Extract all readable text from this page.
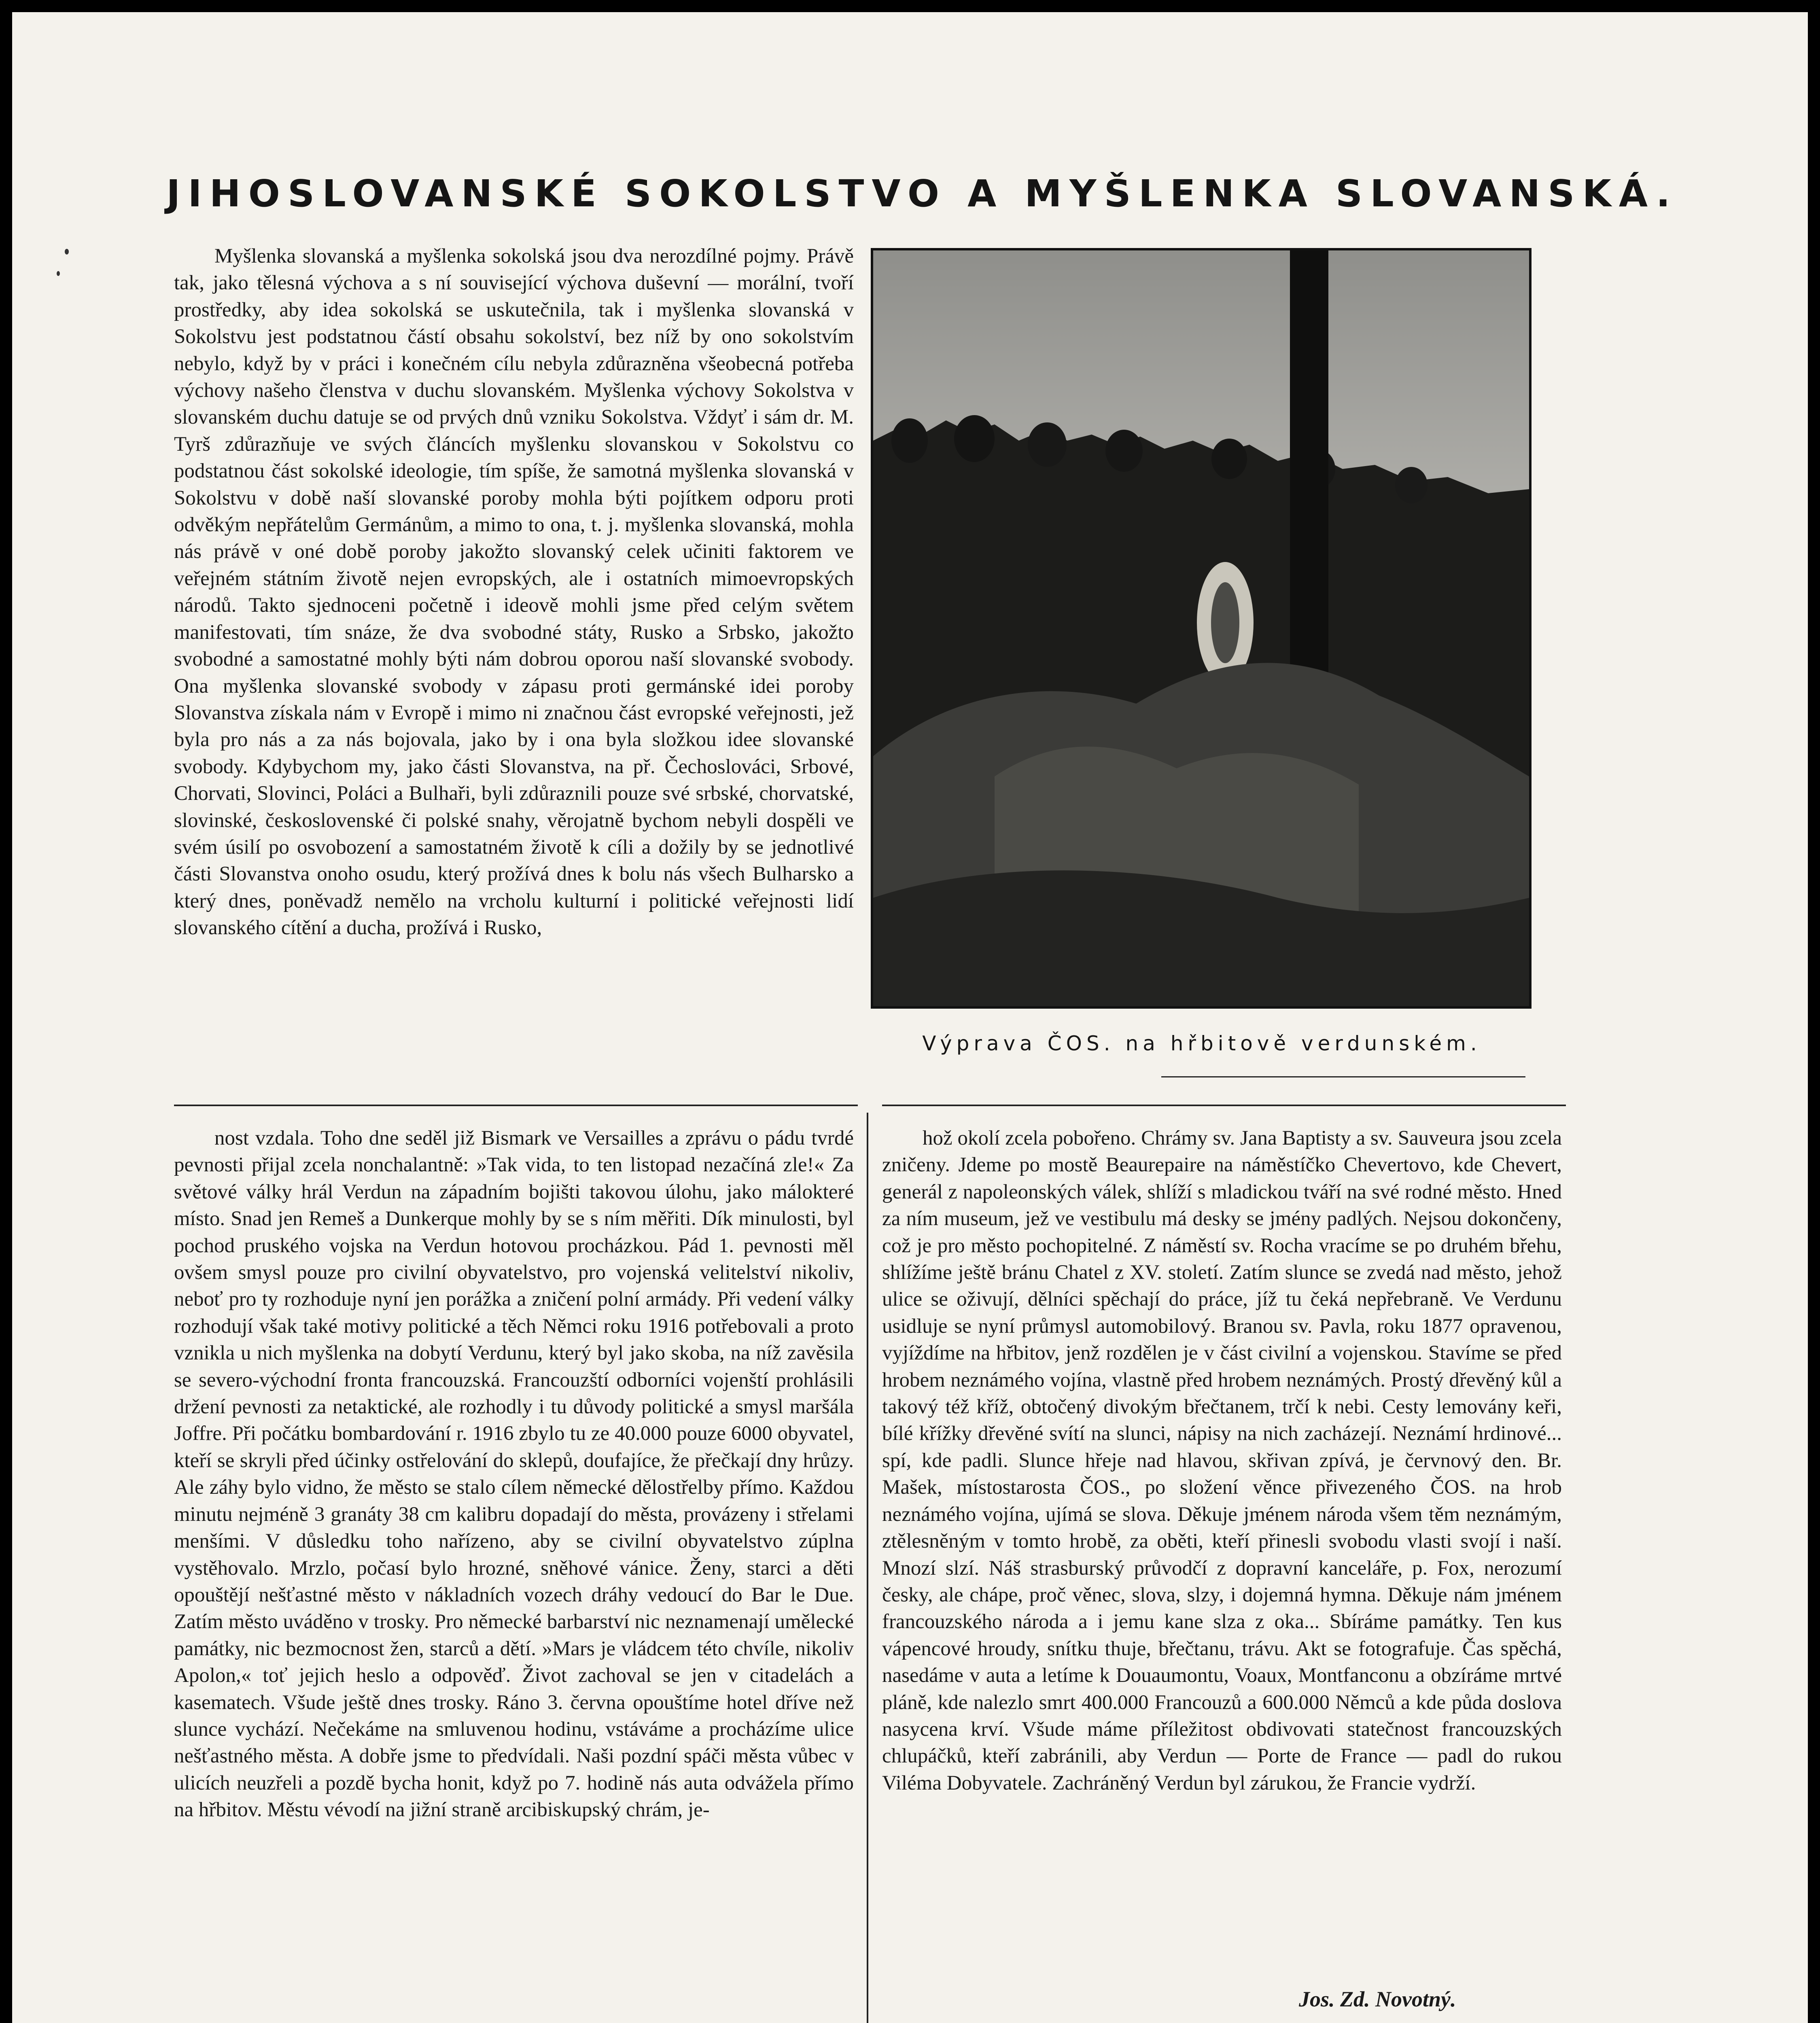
JIHOSLOVANSKÉ SOKOLSTVO A MYŠLENKA SLOVANSKÁ.

Myšlenka slovanská a myšlenka sokolská jsou dva nerozdílné pojmy. Právě tak, jako tělesná výchova a s ní související výchova duševní — morální, tvoří prostředky, aby idea sokolská se uskutečnila, tak i myšlenka slovanská v Sokolstvu jest podstatnou částí obsahu sokolství, bez níž by ono sokolstvím nebylo, když by v práci i konečném cílu nebyla zdůrazněna všeobecná potřeba výchovy našeho členstva v duchu slovanském. Myšlenka výchovy Sokolstva v slovanském duchu datuje se od prvých dnů vzniku Sokolstva. Vždyť i sám dr. M. Tyrš zdůrazňuje ve svých článcích myšlenku slovanskou v Sokolstvu co podstatnou část sokolské ideologie, tím spíše, že samotná myšlenka slovanská v Sokolstvu v době naší slovanské poroby mohla býti pojítkem odporu proti odvěkým nepřátelům Germánům, a mimo to ona, t. j. myšlenka slovanská, mohla nás právě v oné době poroby jakožto slovanský celek učiniti faktorem ve veřejném státním životě nejen evropských, ale i ostatních mimoevropských národů. Takto sjednoceni početně i ideově mohli jsme před celým světem manifestovati, tím snáze, že dva svobodné státy, Rusko a Srbsko, jakožto svobodné a samostatné mohly býti nám dobrou oporou naší slovanské svobody. Ona myšlenka slovanské svobody v zápasu proti germánské idei poroby Slovanstva získala nám v Evropě i mimo ni značnou část evropské veřejnosti, jež byla pro nás a za nás bojovala, jako by i ona byla složkou idee slovanské svobody. Kdybychom my, jako části Slovanstva, na př. Čechoslováci, Srbové, Chorvati, Slovinci, Poláci a Bulhaři, byli zdůraznili pouze své srbské, chorvatské, slovinské, československé či polské snahy, věrojatně bychom nebyli dospěli ve svém úsilí po osvobození a samostatném životě k cíli a dožily by se jednotlivé části Slovanstva onoho osudu, který prožívá dnes k bolu nás všech Bulharsko a který dnes, poněvadž nemělo na vrcholu kulturní i politické veřejnosti lidí slovanského cítění a ducha, prožívá i Rusko,

Výprava ČOS. na hřbitově verdunském.

nost vzdala. Toho dne seděl již Bismark ve Versailles a zprávu o pádu tvrdé pevnosti přijal zcela nonchalantně: »Tak vida, to ten listopad nezačíná zle!« Za světové války hrál Verdun na západním bojišti takovou úlohu, jako málokteré místo. Snad jen Remeš a Dunkerque mohly by se s ním měřiti. Dík minulosti, byl pochod pruského vojska na Verdun hotovou procházkou. Pád 1. pevnosti měl ovšem smysl pouze pro civilní obyvatelstvo, pro vojenská velitelství nikoliv, neboť pro ty rozhoduje nyní jen porážka a zničení polní armády. Při vedení války rozhodují však také motivy politické a těch Němci roku 1916 potřebovali a proto vznikla u nich myšlenka na dobytí Verdunu, který byl jako skoba, na níž zavěsila se severo-východní fronta francouzská. Francouzští odborníci vojenští prohlásili držení pevnosti za netaktické, ale rozhodly i tu důvody politické a smysl maršála Joffre. Při počátku bombardování r. 1916 zbylo tu ze 40.000 pouze 6000 obyvatel, kteří se skryli před účinky ostřelování do sklepů, doufajíce, že přečkají dny hrůzy. Ale záhy bylo vidno, že město se stalo cílem německé dělostřelby přímo. Každou minutu nejméně 3 granáty 38 cm kalibru dopadají do města, provázeny i střelami menšími. V důsledku toho nařízeno, aby se civilní obyvatelstvo zúplna vystěhovalo. Mrzlo, počasí bylo hrozné, sněhové vánice. Ženy, starci a děti opouštějí nešťastné město v nákladních vozech dráhy vedoucí do Bar le Due. Zatím město uváděno v trosky. Pro německé barbarství nic neznamenají umělecké památky, nic bezmocnost žen, starců a dětí. »Mars je vládcem této chvíle, nikoliv Apolon,« toť jejich heslo a odpověď. Život zachoval se jen v citadelách a kasematech. Všude ještě dnes trosky. Ráno 3. června opouštíme hotel dříve než slunce vychází. Nečekáme na smluvenou hodinu, vstáváme a procházíme ulice nešťastného města. A dobře jsme to předvídali. Naši pozdní spáči města vůbec v ulicích neuzřeli a pozdě bycha honit, když po 7. hodině nás auta odvážela přímo na hřbitov. Městu vévodí na jižní straně arcibiskupský chrám, je-

hož okolí zcela pobořeno. Chrámy sv. Jana Baptisty a sv. Sauveura jsou zcela zničeny. Jdeme po mostě Beaurepaire na náměstíčko Chevertovo, kde Chevert, generál z napoleonských válek, shlíží s mladickou tváří na své rodné město. Hned za ním museum, jež ve vestibulu má desky se jmény padlých. Nejsou dokončeny, což je pro město pochopitelné. Z náměstí sv. Rocha vracíme se po druhém břehu, shlížíme ještě bránu Chatel z XV. století. Zatím slunce se zvedá nad město, jehož ulice se oživují, dělníci spěchají do práce, jíž tu čeká nepřebraně. Ve Verdunu usidluje se nyní průmysl automobilový. Branou sv. Pavla, roku 1877 opravenou, vyjíždíme na hřbitov, jenž rozdělen je v část civilní a vojenskou. Stavíme se před hrobem neznámého vojína, vlastně před hrobem neznámých. Prostý dřevěný kůl a takový též kříž, obtočený divokým břečtanem, trčí k nebi. Cesty lemovány keři, bílé křížky dřevěné svítí na slunci, nápisy na nich zacházejí. Neznámí hrdinové... spí, kde padli. Slunce hřeje nad hlavou, skřivan zpívá, je červnový den. Br. Mašek, místostarosta ČOS., po složení věnce přivezeného ČOS. na hrob neznámého vojína, ujímá se slova. Děkuje jménem národa všem těm neznámým, ztělesněným v tomto hrobě, za oběti, kteří přinesli svobodu vlasti svojí i naší. Mnozí slzí. Náš strasburský průvodčí z dopravní kanceláře, p. Fox, nerozumí česky, ale chápe, proč věnec, slova, slzy, i dojemná hymna. Děkuje nám jménem francouzského národa a i jemu kane slza z oka... Sbíráme památky. Ten kus vápencové hroudy, snítku thuje, břečtanu, trávu. Akt se fotografuje. Čas spěchá, nasedáme v auta a letíme k Douaumontu, Voaux, Montfanconu a obzíráme mrtvé pláně, kde nalezlo smrt 400.000 Francouzů a 600.000 Němců a kde půda doslova nasycena krví. Všude máme příležitost obdivovati statečnost francouzských chlupáčků, kteří zabránili, aby Verdun — Porte de France — padl do rukou Viléma Dobyvatele. Zachráněný Verdun byl zárukou, že Francie vydrží.

Jos. Zd. Novotný.
